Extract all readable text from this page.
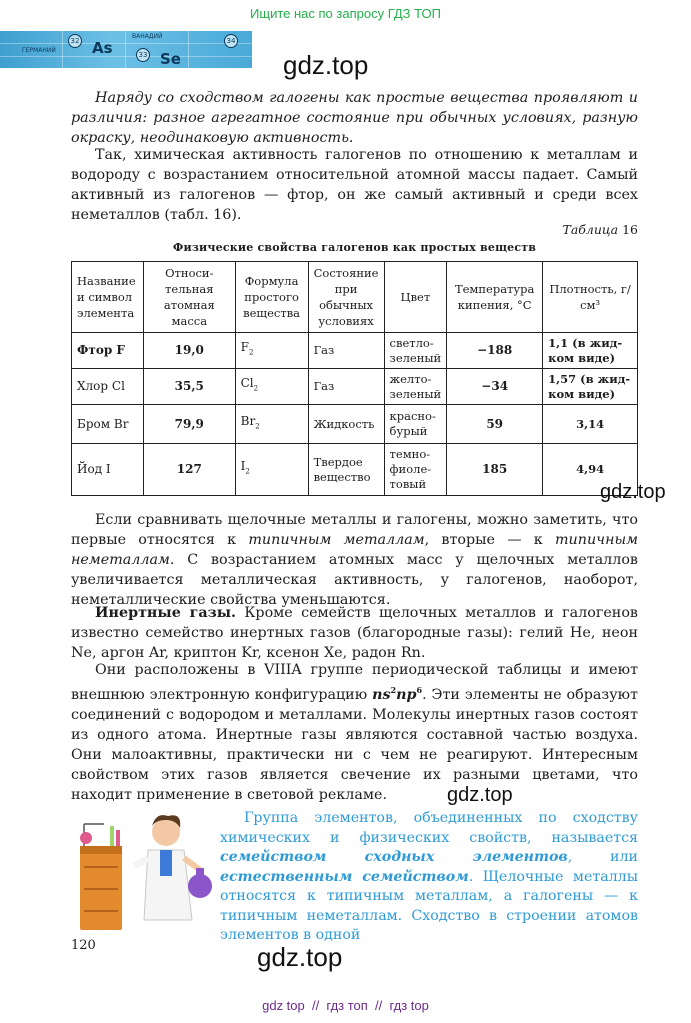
Ищите нас по запросу ГДЗ ТОП
ГЕРМАНИЙ
ВАНАДИЙ
32
33
34
As
Se	gdz.top
Наряду со сходством галогены как простые вещества проявляют и различия: разное агрегатное состояние при обычных условиях, разную окраску, неодинаковую активность.
Так, химическая активность галогенов по отношению к металлам и водороду с возрастанием относительной атомной массы падает. Самый активный из галогенов — фтор, он же самый активный и среди всех неметаллов (табл. 16).
Таблица 16
Физические свойства галогенов как простых веществ
Название и символ элемента	Относи- тельная атомная масса	Формула простого вещества	Состояние при обычных условиях	Цвет	Температура кипения, °С	Плотность, г/см³
Фтор F	19,0	$F_2$	Газ	светло- зеленый	−188	1,1 (в жид- ком виде)
Хлор Cl	35,5	$Cl_2$	Газ	желто- зеленый	−34	1,57 (в жид- ком виде)
Бром Br	79,9	$Br_2$	Жидкость	красно- бурый	59	3,14
Йод I	127	$I_2$	Твердое вещество	темно- фиоле- товый	185	4,94
gdz.top
Если сравнивать щелочные металлы и галогены, можно заметить, что первые относятся к типичным металлам, вторые — к типичным неметаллам. С возрастанием атомных масс у щелочных металлов увеличивается металлическая активность, у галогенов, наоборот, неметаллические свойства уменьшаются.
Инертные газы. Кроме семейств щелочных металлов и галогенов известно семейство инертных газов (благородные газы): гелий He, неон Ne, аргон Ar, криптон Kr, ксенон Xe, радон Rn.
Они расположены в VIIIA группе периодической таблицы и имеют внешнюю электронную конфигурацию $ns^2np^6$. Эти элементы не образуют соединений с водородом и металлами. Молекулы инертных газов состоят из одного атома. Инертные газы являются составной частью воздуха. Они малоактивны, практически ни с чем не реагируют. Интересным свойством этих газов является свечение их разными цветами, что находит применение в световой рекламе.	gdz.top
Группа элементов, объединенных по сходству химических и физических свойств, называется семейством сходных элементов, или естественным семейством. Щелочные металлы относятся к типичным металлам, а галогены — к типичным неметаллам. Сходство в строении атомов элементов в одной
120	gdz.top
gdz top  //  гдз топ  //  гдз top
